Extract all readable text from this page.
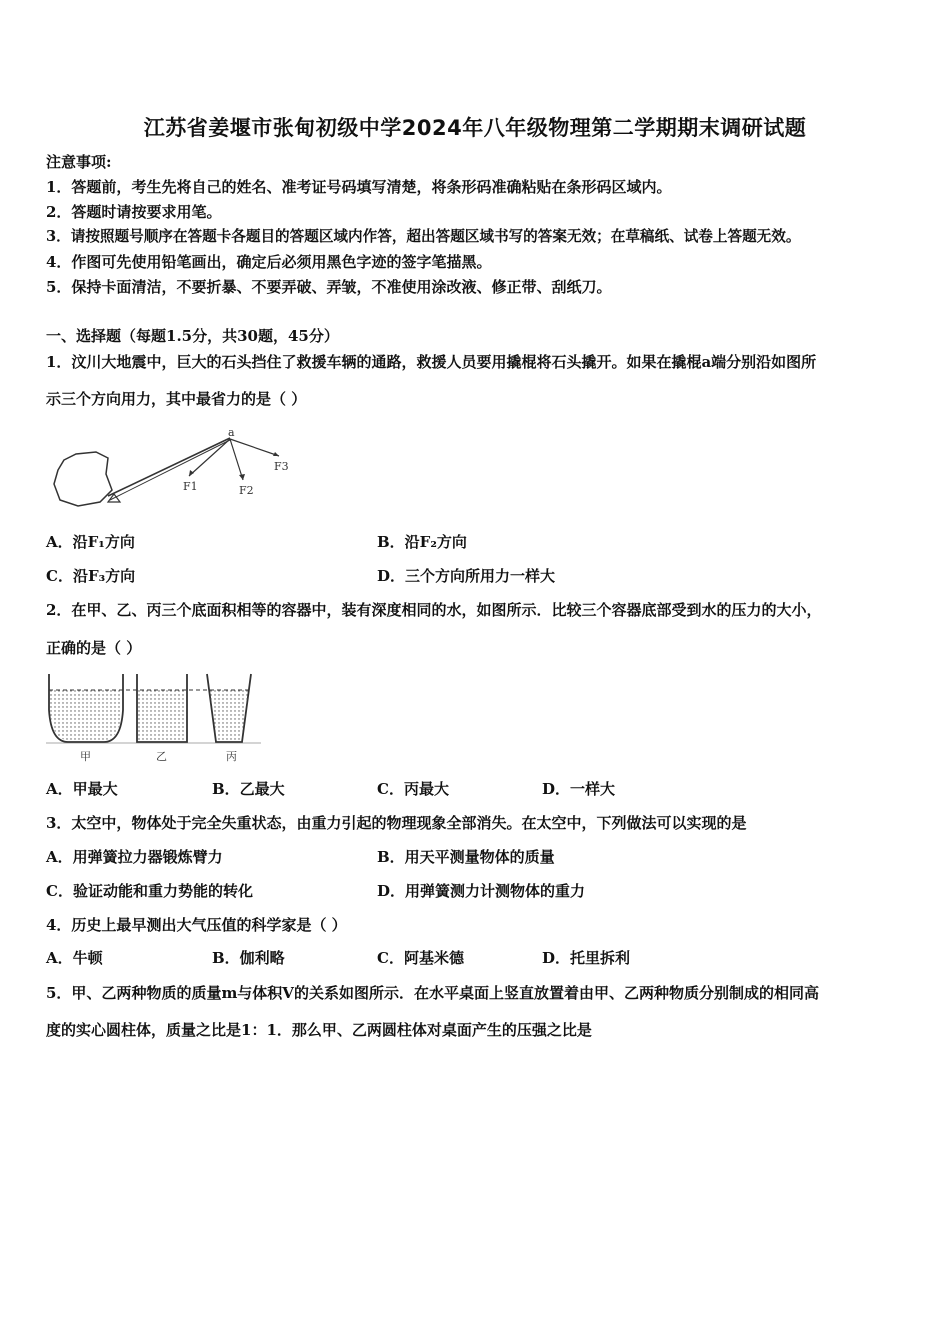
江苏省姜堰市张甸初级中学2024年八年级物理第二学期期末调研试题
注意事项:
1．答题前，考生先将自己的姓名、准考证号码填写清楚，将条形码准确粘贴在条形码区域内。
2．答题时请按要求用笔。
3．请按照题号顺序在答题卡各题目的答题区域内作答，超出答题区域书写的答案无效；在草稿纸、试卷上答题无效。
4．作图可先使用铅笔画出，确定后必须用黑色字迹的签字笔描黑。
5．保持卡面清洁，不要折暴、不要弄破、弄皱，不准使用涂改液、修正带、刮纸刀。
一、选择题（每题1.5分，共30题，45分）
1．汶川大地震中，巨大的石头挡住了救援车辆的通路，救援人员要用撬棍将石头撬开。如果在撬棍a端分别沿如图所
示三个方向用力，其中最省力的是（ ）
a
F1	F2
F3
A．沿F₁方向	B．沿F₂方向
C．沿F₃方向	D．三个方向所用力一样大
2．在甲、乙、丙三个底面积相等的容器中，装有深度相同的水，如图所示．比较三个容器底部受到水的压力的大小，
正确的是（ ）
甲	乙	丙
A．甲最大	B．乙最大	C．丙最大	D．一样大
3．太空中，物体处于完全失重状态，由重力引起的物理现象全部消失。在太空中，下列做法可以实现的是
A．用弹簧拉力器锻炼臂力	B．用天平测量物体的质量
C．验证动能和重力势能的转化	D．用弹簧测力计测物体的重力
4．历史上最早测出大气压值的科学家是（ ）
A．牛顿	B．伽利略	C．阿基米德	D．托里拆利
5．甲、乙两种物质的质量m与体积V的关系如图所示．在水平桌面上竖直放置着由甲、乙两种物质分别制成的相同高
度的实心圆柱体，质量之比是1：1．那么甲、乙两圆柱体对桌面产生的压强之比是
